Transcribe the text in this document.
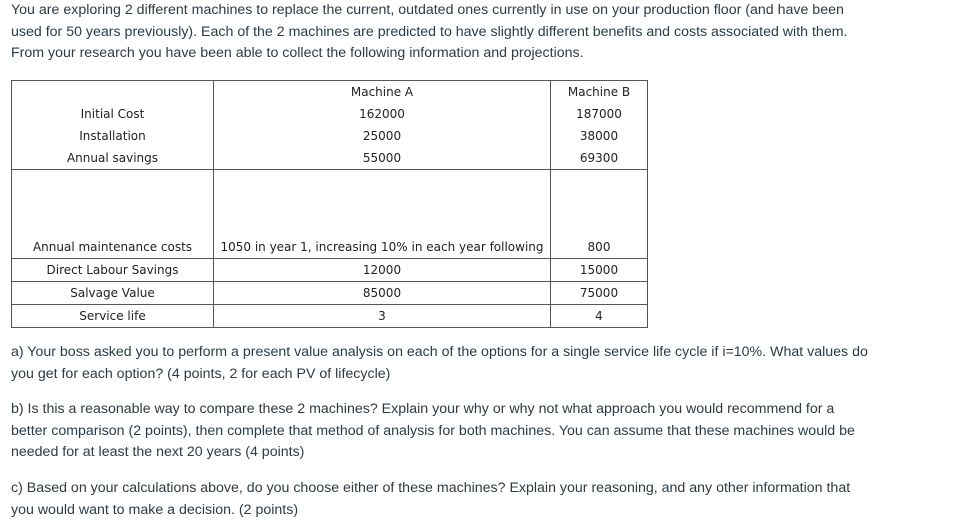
You are exploring 2 different machines to replace the current, outdated ones currently in use on your production floor (and have been
used for 50 years previously). Each of the 2 machines are predicted to have slightly different benefits and costs associated with them.
From your research you have been able to collect the following information and projections.
	Machine A	Machine B
Initial Cost	162000	187000
Installation	25000	38000
Annual savings	55000	69300

Annual maintenance costs	1050 in year 1, increasing 10% in each year following	800
Direct Labour Savings	12000	15000
Salvage Value	85000	75000
Service life	3	4
a) Your boss asked you to perform a present value analysis on each of the options for a single service life cycle if i=10%. What values do
you get for each option? (4 points, 2 for each PV of lifecycle)
b) Is this a reasonable way to compare these 2 machines? Explain your why or why not what approach you would recommend for a
better comparison (2 points), then complete that method of analysis for both machines. You can assume that these machines would be
needed for at least the next 20 years (4 points)
c) Based on your calculations above, do you choose either of these machines? Explain your reasoning, and any other information that
you would want to make a decision. (2 points)
